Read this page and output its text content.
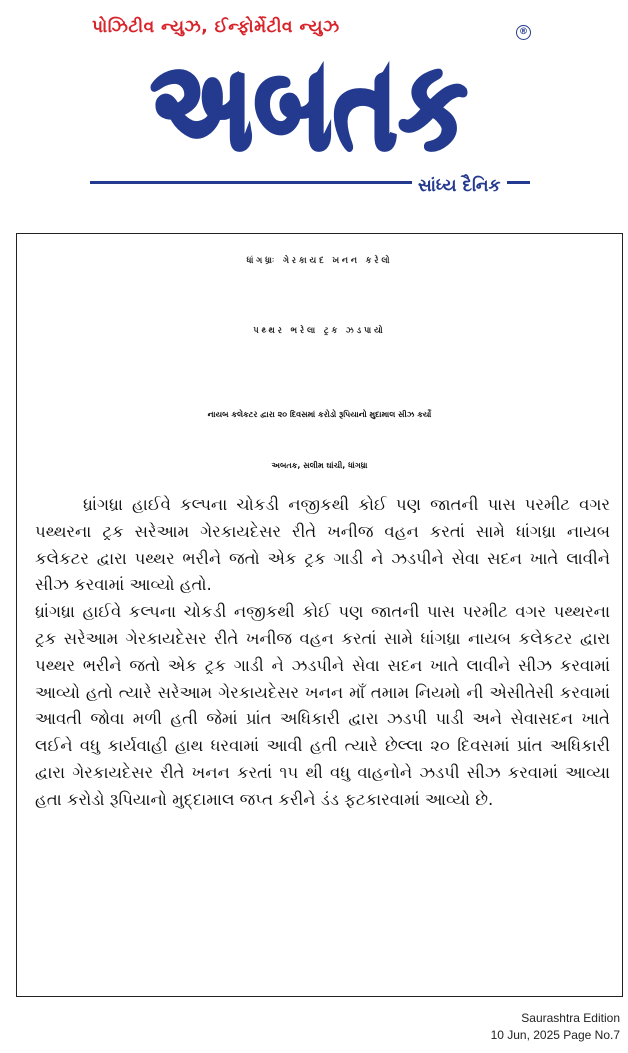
પોઝિટીવ ન્યુઝ, ઈન્ફોર્મેટીવ ન્યુઝ	®
અબતક
સાંધ્ય દૈનિક
ધાંગધ્રાઃ ગેરકાયદ ખનન કરેલો
પથ્થર ભરેલા ટ્રક ઝડપાયો
નાયબ કલેકટર દ્વારા ૨૦ દિવસમાં કરોડો રૂપિયાનો મુદામાલ સીઝ કર્યો
અબતક, સલીમ ઘાંચી, ધાંગધ્રા

ધ્રાંગધ્રા હાઈવે કલ્પના ચોકડી નજીકથી કોઈ પણ જાતની પાસ પરમીટ વગર પથ્થરના ટ્રક સરેઆમ ગેરકાયદેસર રીતે ખનીજ વહન કરતાં સામે ધાંગધ્રા નાયબ કલેકટર દ્વારા પથ્થર ભરીને જતો એક ટ્રક ગાડી ને ઝડપીને સેવા સદન ખાતે લાવીને સીઝ કરવામાં આવ્યો હતો.

ધ્રાંગધ્રા હાઈવે કલ્પના ચોકડી નજીકથી કોઈ પણ જાતની પાસ પરમીટ વગર પથ્થરના ટ્રક સરેઆમ ગેરકાયદેસર રીતે ખનીજ વહન કરતાં સામે ધાંગધ્રા નાયબ કલેકટર દ્વારા પથ્થર ભરીને જતો એક ટ્રક ગાડી ને ઝડપીને સેવા સદન ખાતે લાવીને સીઝ કરવામાં આવ્યો હતો ત્યારે સરેઆમ ગેરકાયદેસર ખનન માઁ તમામ નિયમો ની એસીતેસી કરવામાં આવતી જોવા મળી હતી જેમાં પ્રાંત અધિકારી દ્વારા ઝડપી પાડી અને સેવાસદન ખાતે લઈને વધુ કાર્યવાહી હાથ ધરવામાં આવી હતી ત્યારે છેલ્લા ૨૦ દિવસમાં પ્રાંત અધિકારી દ્વારા ગેરકાયદેસર રીતે ખનન કરતાં ૧૫ થી વધુ વાહનોને ઝડપી સીઝ કરવામાં આવ્યા હતા કરોડો રૂપિયાનો મુદ્દામાલ જપ્ત કરીને ડંડ ફટકારવામાં આવ્યો છે.

Saurashtra Edition
10 Jun, 2025 Page No.7
